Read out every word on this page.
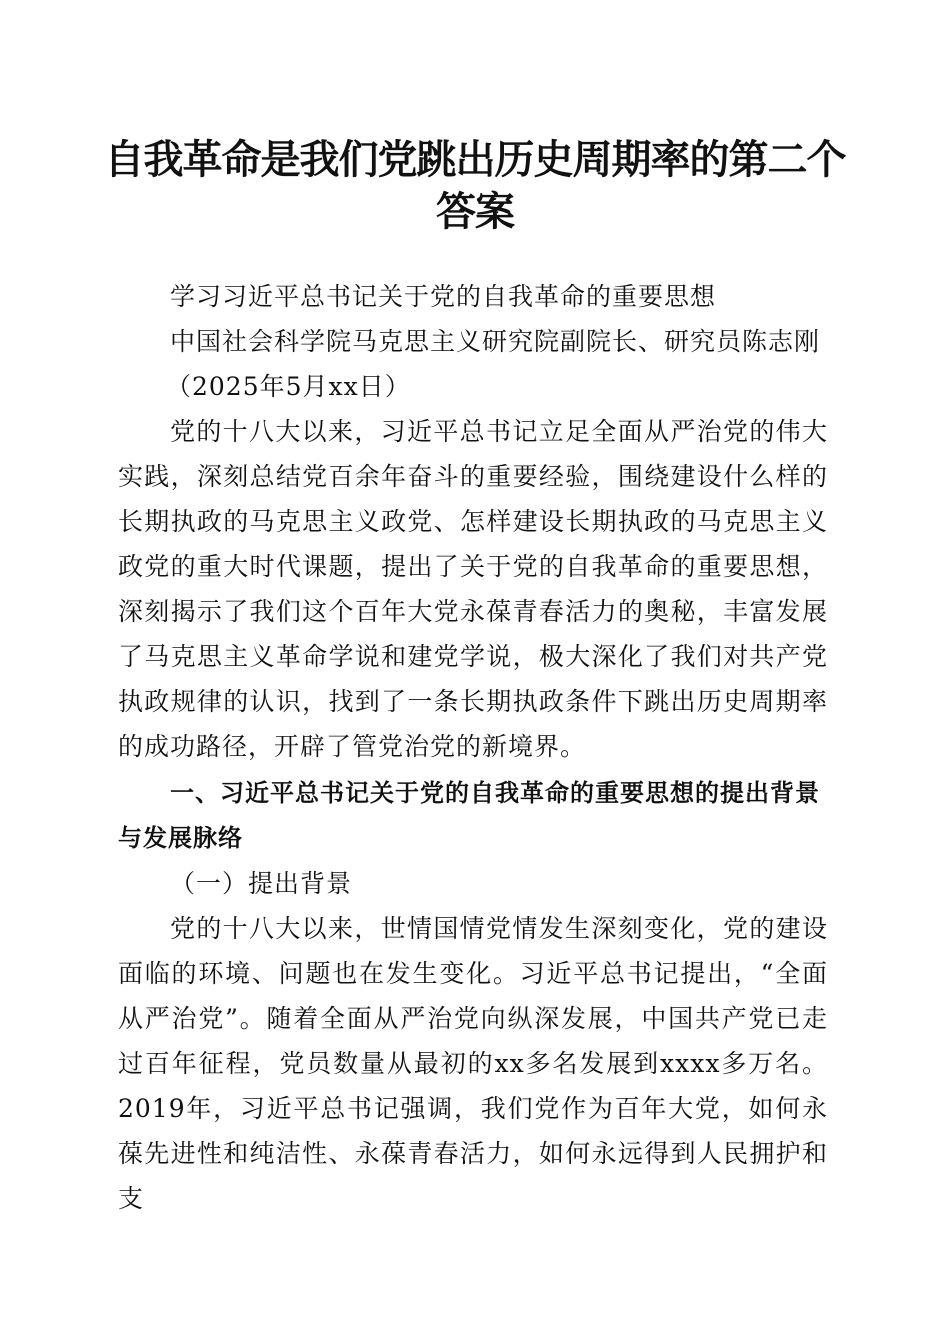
自我革命是我们党跳出历史周期率的第二个答案

学习习近平总书记关于党的自我革命的重要思想

中国社会科学院马克思主义研究院副院长、研究员陈志刚

（2025年5月xx日）

党的十八大以来，习近平总书记立足全面从严治党的伟大实践，深刻总结党百余年奋斗的重要经验，围绕建设什么样的长期执政的马克思主义政党、怎样建设长期执政的马克思主义政党的重大时代课题，提出了关于党的自我革命的重要思想，深刻揭示了我们这个百年大党永葆青春活力的奥秘，丰富发展了马克思主义革命学说和建党学说，极大深化了我们对共产党执政规律的认识，找到了一条长期执政条件下跳出历史周期率的成功路径，开辟了管党治党的新境界。

一、习近平总书记关于党的自我革命的重要思想的提出背景与发展脉络
（一）提出背景

党的十八大以来，世情国情党情发生深刻变化，党的建设面临的环境、问题也在发生变化。习近平总书记提出，“全面从严治党”。随着全面从严治党向纵深发展，中国共产党已走过百年征程，党员数量从最初的xx多名发展到xxxx多万名。2019年，习近平总书记强调，我们党作为百年大党，如何永葆先进性和纯洁性、永葆青春活力，如何永远得到人民拥护和支
